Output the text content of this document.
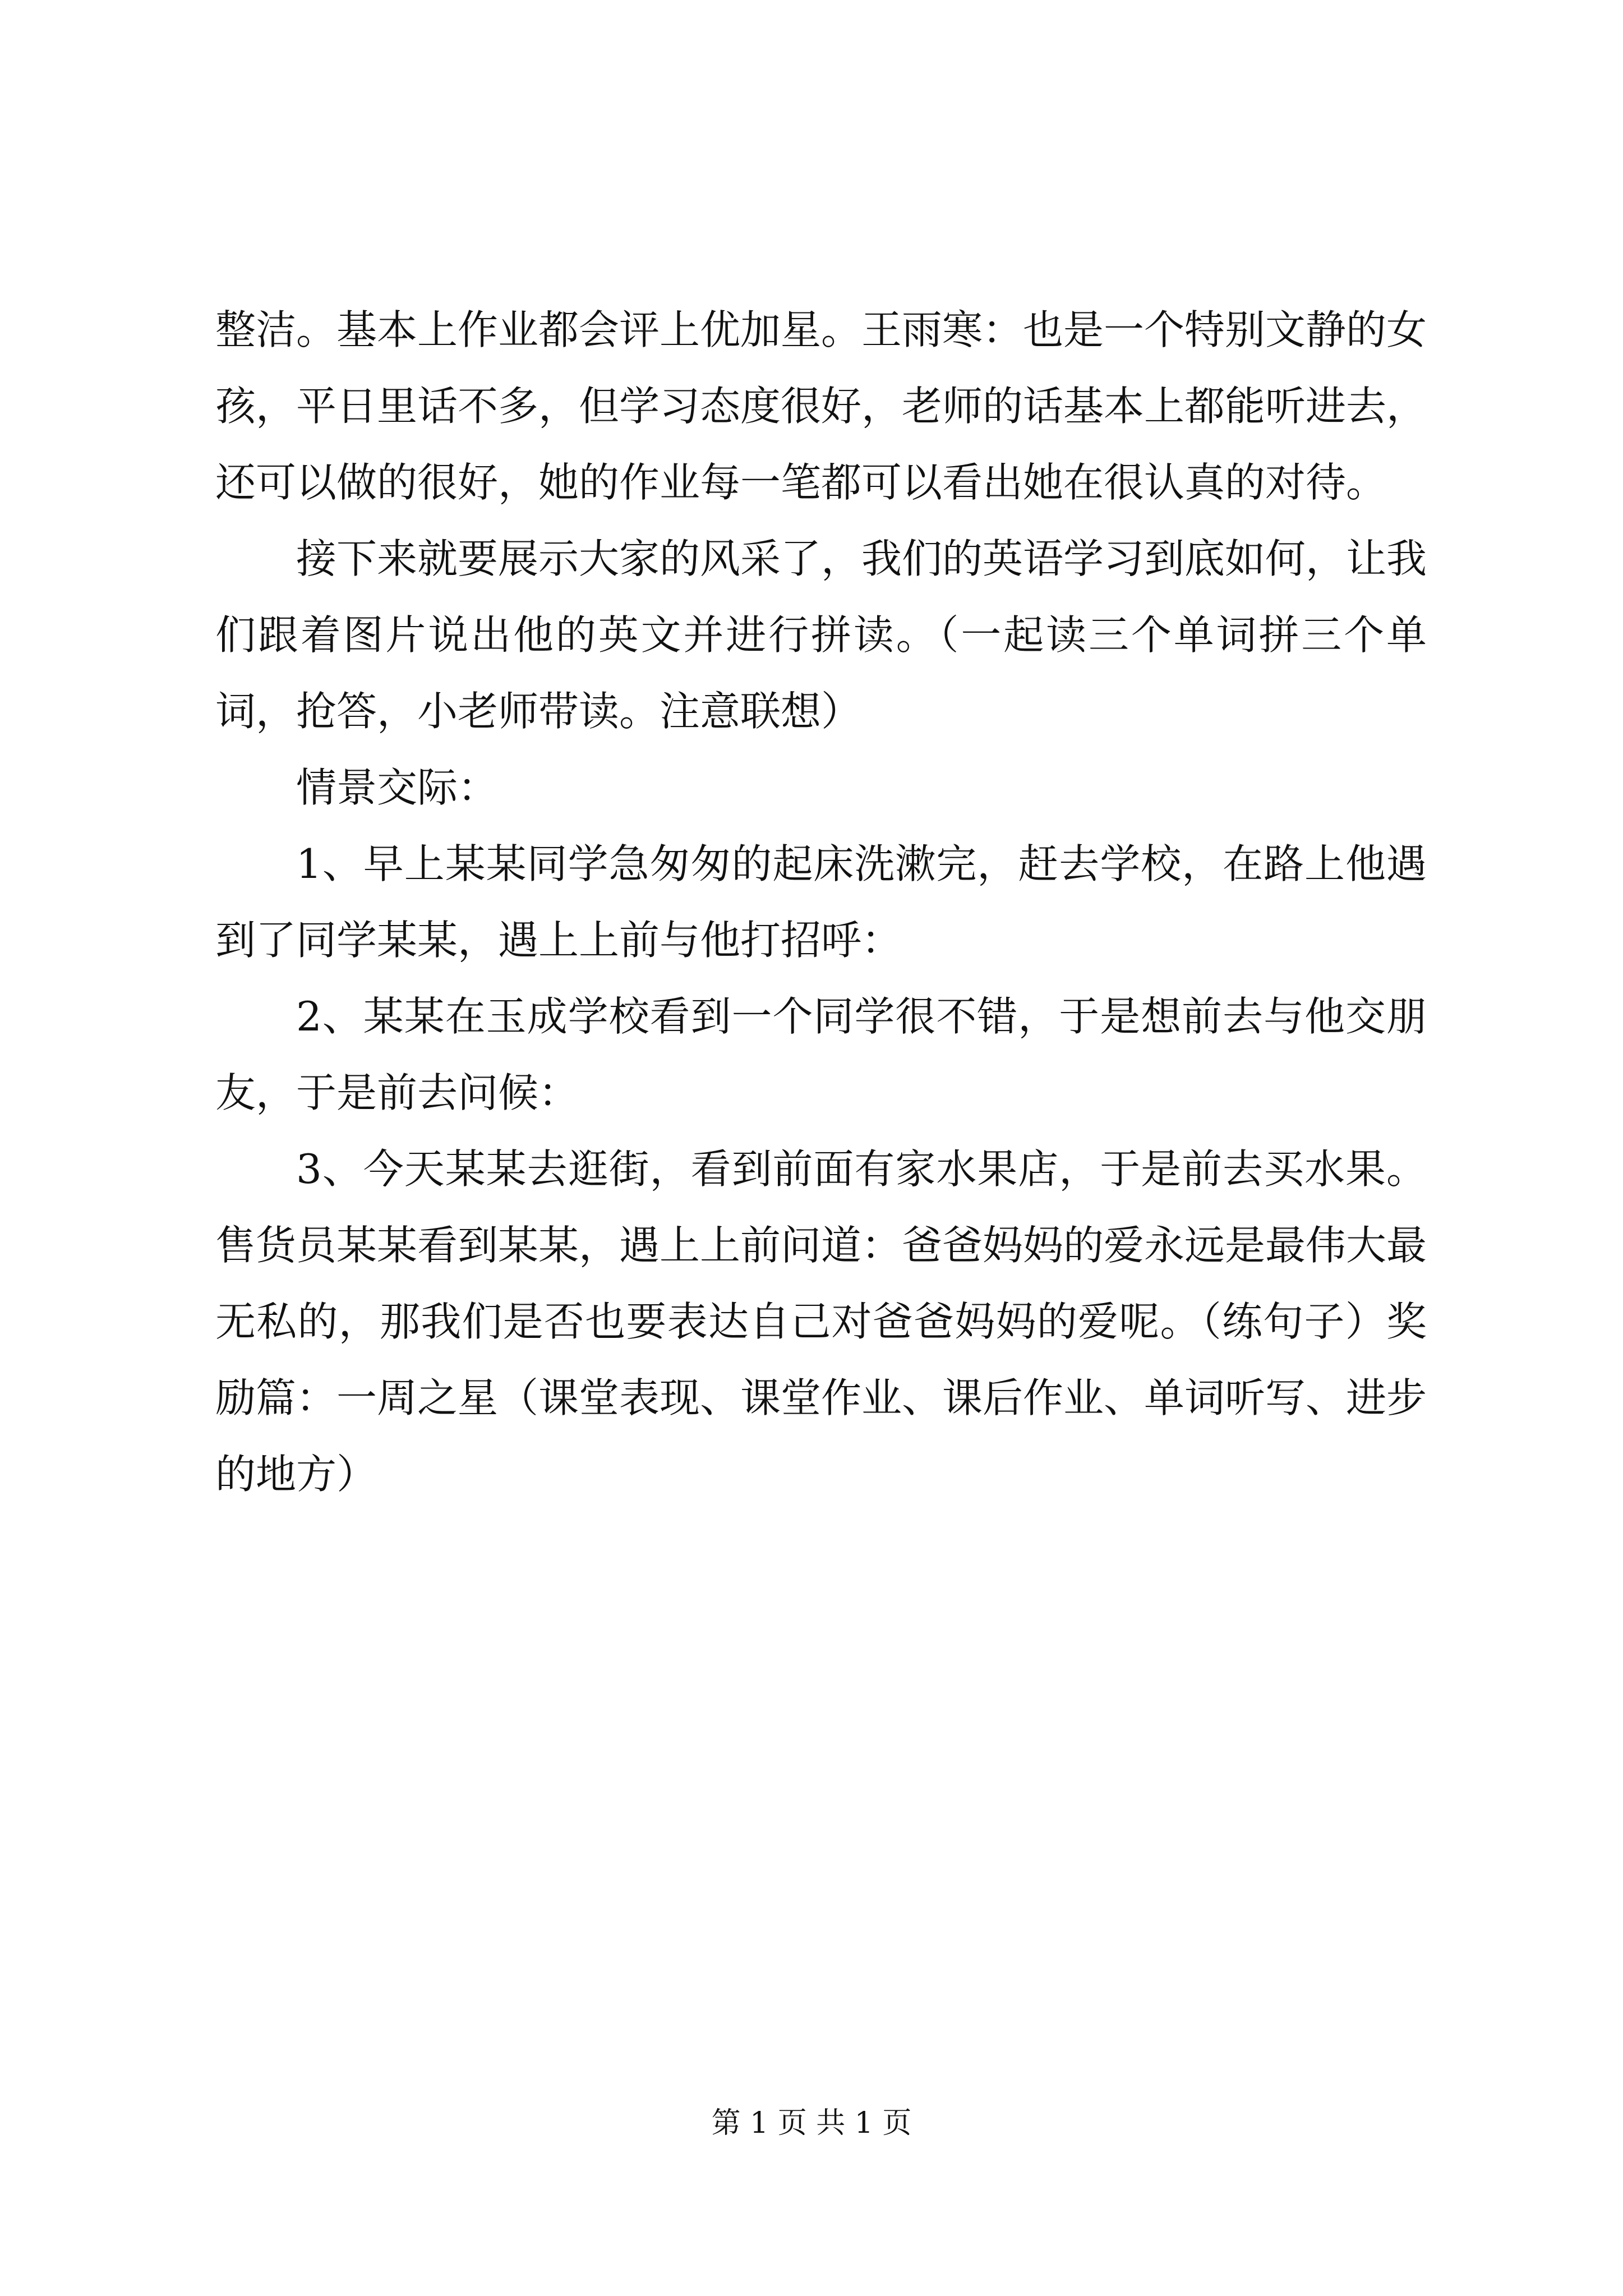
整洁。基本上作业都会评上优加星。王雨寒：也是一个特别文静的女孩，平日里话不多，但学习态度很好，老师的话基本上都能听进去，还可以做的很好，她的作业每一笔都可以看出她在很认真的对待。

接下来就要展示大家的风采了，我们的英语学习到底如何，让我们跟着图片说出他的英文并进行拼读。（一起读三个单词拼三个单词，抢答，小老师带读。注意联想）

情景交际：

1、早上某某同学急匆匆的起床洗漱完，赶去学校，在路上他遇到了同学某某，遇上上前与他打招呼：

2、某某在玉成学校看到一个同学很不错，于是想前去与他交朋友，于是前去问候：

3、今天某某去逛街，看到前面有家水果店，于是前去买水果。售货员某某看到某某，遇上上前问道：爸爸妈妈的爱永远是最伟大最无私的，那我们是否也要表达自己对爸爸妈妈的爱呢。（练句子）奖励篇：一周之星（课堂表现、课堂作业、课后作业、单词听写、进步的地方）

第 1 页 共 1 页
